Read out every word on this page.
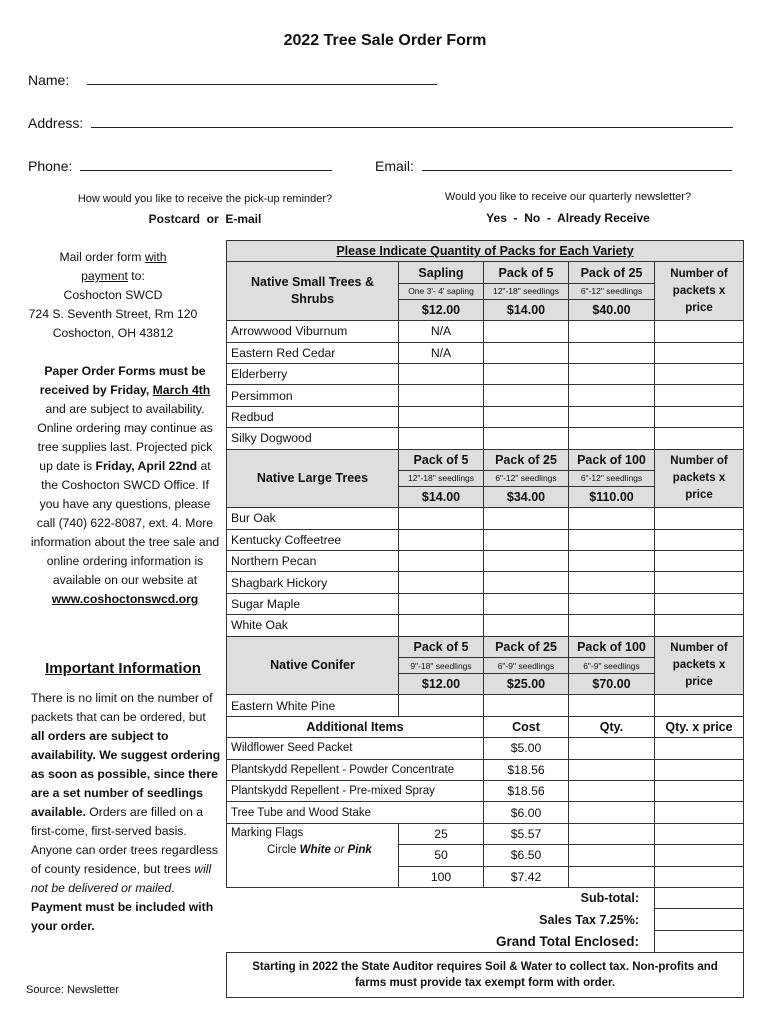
2022 Tree Sale Order Form
Name:
Address:
Phone:	Email:
How would you like to receive the pick-up reminder?
Postcard  or  E-mail
Would you like to receive our quarterly newsletter?
Yes  -  No  -  Already Receive
Mail order form with
payment to:
Coshocton SWCD
724 S. Seventh Street, Rm 120
Coshocton, OH 43812
Paper Order Forms must be received by Friday, March 4th and are subject to availability. Online ordering may continue as tree supplies last. Projected pick up date is Friday, April 22nd at the Coshocton SWCD Office. If you have any questions, please call (740) 622-8087, ext. 4. More information about the tree sale and online ordering information is available on our website at www.coshoctonswcd.org
Important Information
There is no limit on the number of packets that can be ordered, but all orders are subject to availability. We suggest ordering as soon as possible, since there are a set number of seedlings available. Orders are filled on a first-come, first-served basis. Anyone can order trees regardless of county residence, but trees will not be delivered or mailed. Payment must be included with your order.
Source: Newsletter
Please Indicate Quantity of Packs for Each Variety				
Native Small Trees & Shrubs	Sapling	Pack of 5	Pack of 25	Number of packets x price
	One 3'- 4' sapling	12"-18" seedlings	6"-12" seedlings	
	$12.00	$14.00	$40.00	
Arrowwood Viburnum	N/A			
Eastern Red Cedar	N/A			
Elderberry				
Persimmon				
Redbud				
Silky Dogwood				
Native Large Trees	Pack of 5	Pack of 25	Pack of 100	Number of packets x price
	12"-18" seedlings	6"-12" seedlings	6"-12" seedlings	
	$14.00	$34.00	$110.00	
Bur Oak				
Kentucky Coffeetree				
Northern Pecan				
Shagbark Hickory				
Sugar Maple				
White Oak				
Native Conifer	Pack of 5	Pack of 25	Pack of 100	Number of packets x price
	9"-18" seedlings	6"-9" seedlings	6"-9" seedlings	
	$12.00	$25.00	$70.00	
Eastern White Pine				
Additional Items		Cost	Qty.	Qty. x price
Wildflower Seed Packet		$5.00		
Plantskydd Repellent - Powder Concentrate		$18.56		
Plantskydd Repellent - Pre-mixed Spray		$18.56		
Tree Tube and Wood Stake		$6.00		

Marking Flags
Circle White or Pink	25	$5.57		
	50	$6.50		
	100	$7.42		
Sub-total:				
Sales Tax 7.25%:				
Grand Total Enclosed:				
Starting in 2022 the State Auditor requires Soil & Water to collect tax. Non-profits and farms must provide tax exempt form with order.				
